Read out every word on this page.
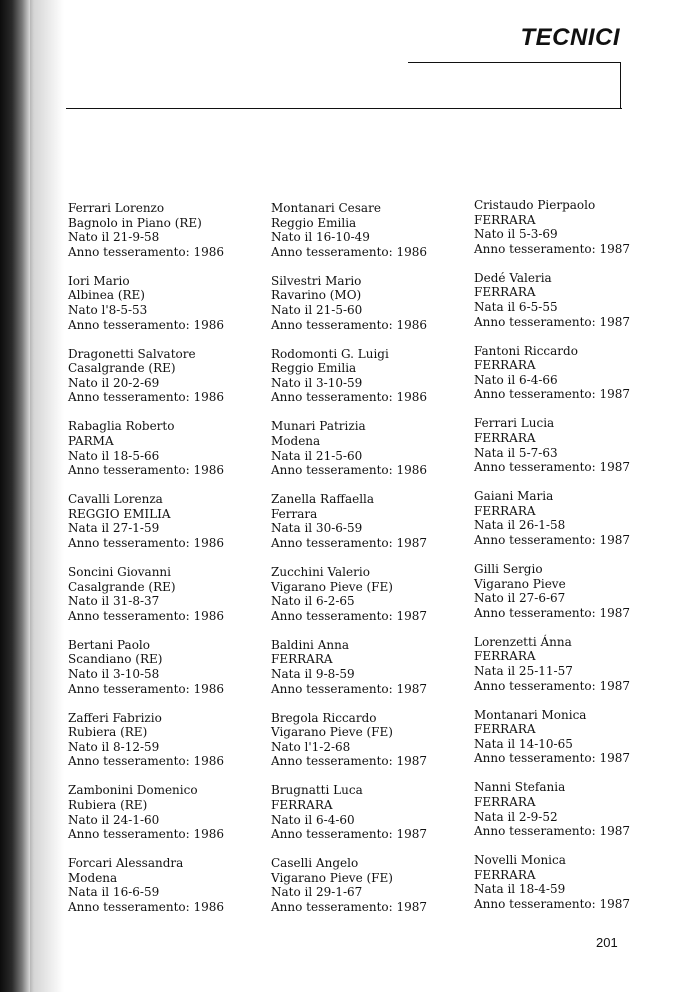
TECNICI
Ferrari Lorenzo
Bagnolo in Piano (RE)
Nato il 21-9-58
Anno tesseramento: 1986
Iori Mario
Albinea (RE)
Nato l'8-5-53
Anno tesseramento: 1986
Dragonetti Salvatore
Casalgrande (RE)
Nato il 20-2-69
Anno tesseramento: 1986
Rabaglia Roberto
PARMA
Nato il 18-5-66
Anno tesseramento: 1986
Cavalli Lorenza
REGGIO EMILIA
Nata il 27-1-59
Anno tesseramento: 1986
Soncini Giovanni
Casalgrande (RE)
Nato il 31-8-37
Anno tesseramento: 1986
Bertani Paolo
Scandiano (RE)
Nato il 3-10-58
Anno tesseramento: 1986
Zafferi Fabrizio
Rubiera (RE)
Nato il 8-12-59
Anno tesseramento: 1986
Zambonini Domenico
Rubiera (RE)
Nato il 24-1-60
Anno tesseramento: 1986
Forcari Alessandra
Modena
Nata il 16-6-59
Anno tesseramento: 1986
Montanari Cesare
Reggio Emilia
Nato il 16-10-49
Anno tesseramento: 1986
Silvestri Mario
Ravarino (MO)
Nato il 21-5-60
Anno tesseramento: 1986
Rodomonti G. Luigi
Reggio Emilia
Nato il 3-10-59
Anno tesseramento: 1986
Munari Patrizia
Modena
Nata il 21-5-60
Anno tesseramento: 1986
Zanella Raffaella
Ferrara
Nata il 30-6-59
Anno tesseramento: 1987
Zucchini Valerio
Vigarano Pieve (FE)
Nato il 6-2-65
Anno tesseramento: 1987
Baldini Anna
FERRARA
Nata il 9-8-59
Anno tesseramento: 1987
Bregola Riccardo
Vigarano Pieve (FE)
Nato l'1-2-68
Anno tesseramento: 1987
Brugnatti Luca
FERRARA
Nato il 6-4-60
Anno tesseramento: 1987
Caselli Angelo
Vigarano Pieve (FE)
Nato il 29-1-67
Anno tesseramento: 1987
Cristaudo Pierpaolo
FERRARA
Nato il 5-3-69
Anno tesseramento: 1987
Dedé Valeria
FERRARA
Nata il 6-5-55
Anno tesseramento: 1987
Fantoni Riccardo
FERRARA
Nato il 6-4-66
Anno tesseramento: 1987
Ferrari Lucia
FERRARA
Nata il 5-7-63
Anno tesseramento: 1987
Gaiani Maria
FERRARA
Nata il 26-1-58
Anno tesseramento: 1987
Gilli Sergio
Vigarano Pieve
Nato il 27-6-67
Anno tesseramento: 1987
Lorenzetti Ánna
FERRARA
Nata il 25-11-57
Anno tesseramento: 1987
Montanari Monica
FERRARA
Nata il 14-10-65
Anno tesseramento: 1987
Nanni Stefania
FERRARA
Nata il 2-9-52
Anno tesseramento: 1987
Novelli Monica
FERRARA
Nata il 18-4-59
Anno tesseramento: 1987
201
